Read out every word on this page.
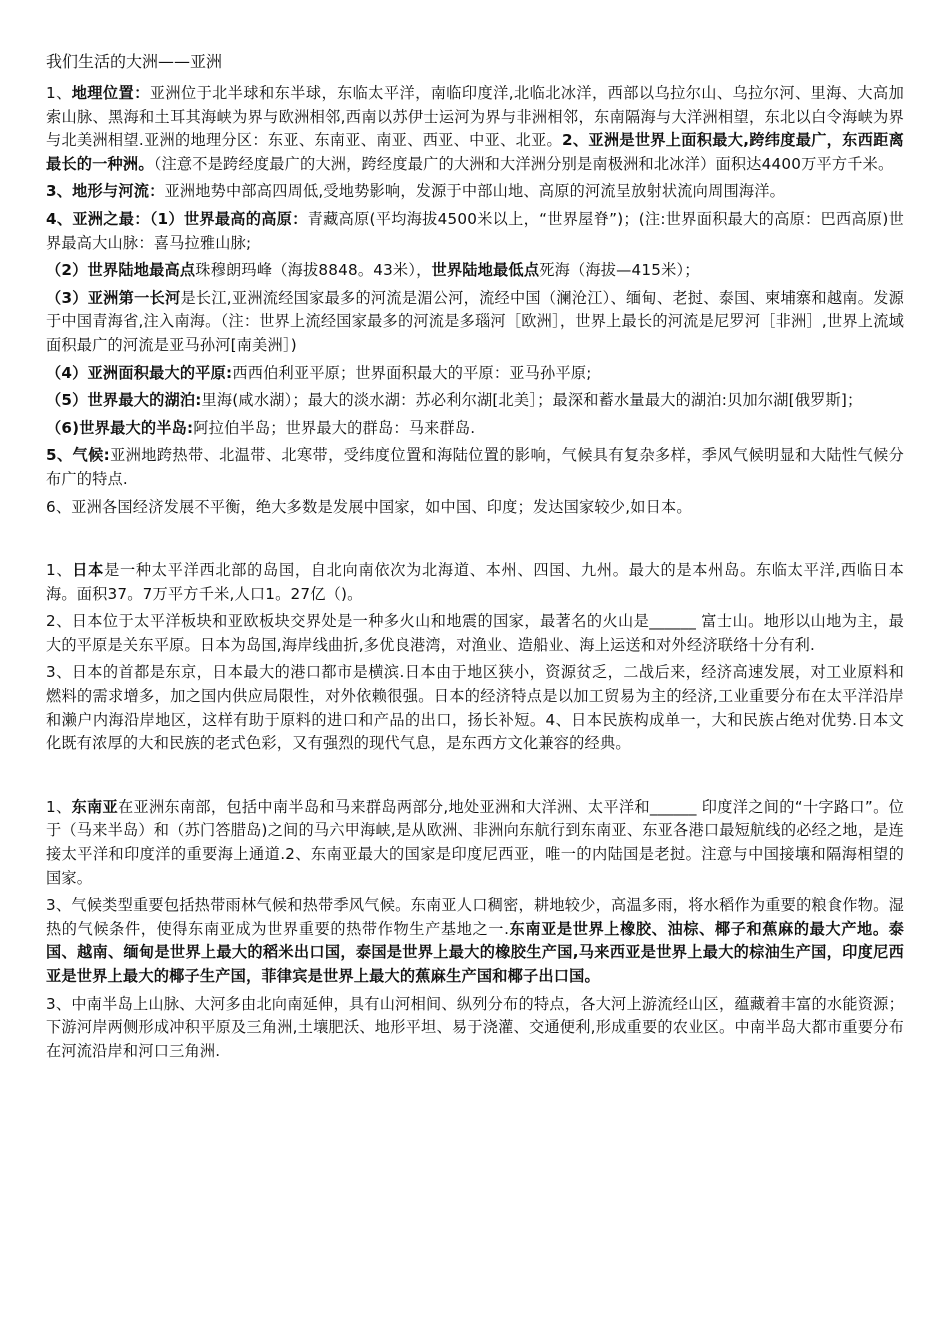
我们生活的大洲——亚洲

1、地理位置：亚洲位于北半球和东半球，东临太平洋，南临印度洋,北临北冰洋，西部以乌拉尔山、乌拉尔河、里海、大高加索山脉、黑海和土耳其海峡为界与欧洲相邻,西南以苏伊士运河为界与非洲相邻，东南隔海与大洋洲相望，东北以白令海峡为界与北美洲相望.亚洲的地理分区：东亚、东南亚、南亚、西亚、中亚、北亚。2、亚洲是世界上面积最大,跨纬度最广，东西距离最长的一种洲。（注意不是跨经度最广的大洲，跨经度最广的大洲和大洋洲分别是南极洲和北冰洋）面积达4400万平方千米。

3、地形与河流：亚洲地势中部高四周低,受地势影响，发源于中部山地、高原的河流呈放射状流向周围海洋。

4、亚洲之最：（1）世界最高的高原：青藏高原(平均海拔4500米以上，“世界屋脊”)；(注:世界面积最大的高原：巴西高原)世界最高大山脉：喜马拉雅山脉;

（2）世界陆地最高点珠穆朗玛峰（海拔8848。43米），世界陆地最低点死海（海拔—415米）；

（3）亚洲第一长河是长江,亚洲流经国家最多的河流是湄公河，流经中国（澜沧江）、缅甸、老挝、泰国、柬埔寨和越南。发源于中国青海省,注入南海。（注：世界上流经国家最多的河流是多瑙河［欧洲］，世界上最长的河流是尼罗河［非洲］,世界上流域面积最广的河流是亚马孙河[南美洲］)

（4）亚洲面积最大的平原:西西伯利亚平原；世界面积最大的平原：亚马孙平原;

（5）世界最大的湖泊:里海(咸水湖）；最大的淡水湖：苏必利尔湖[北美］；最深和蓄水量最大的湖泊:贝加尔湖[俄罗斯]；

（6)世界最大的半岛:阿拉伯半岛；世界最大的群岛：马来群岛.

5、气候:亚洲地跨热带、北温带、北寒带，受纬度位置和海陆位置的影响，气候具有复杂多样，季风气候明显和大陆性气候分布广的特点.

6、亚洲各国经济发展不平衡，绝大多数是发展中国家，如中国、印度；发达国家较少,如日本。

1、日本是一种太平洋西北部的岛国，自北向南依次为北海道、本州、四国、九州。最大的是本州岛。东临太平洋,西临日本海。面积37。7万平方千米,人口1。27亿（)。

2、日本位于太平洋板块和亚欧板块交界处是一种多火山和地震的国家，最著名的火山是______ 富士山。地形以山地为主，最大的平原是关东平原。日本为岛国,海岸线曲折,多优良港湾，对渔业、造船业、海上运送和对外经济联络十分有利.

3、日本的首都是东京，日本最大的港口都市是横滨.日本由于地区狭小，资源贫乏，二战后来，经济高速发展，对工业原料和燃料的需求增多，加之国内供应局限性，对外依赖很强。日本的经济特点是以加工贸易为主的经济,工业重要分布在太平洋沿岸和濑户内海沿岸地区，这样有助于原料的进口和产品的出口，扬长补短。4、日本民族构成单一，大和民族占绝对优势.日本文化既有浓厚的大和民族的老式色彩，又有强烈的现代气息，是东西方文化兼容的经典。

1、东南亚在亚洲东南部，包括中南半岛和马来群岛两部分,地处亚洲和大洋洲、太平洋和______ 印度洋之间的“十字路口”。位于（马来半岛）和（苏门答腊岛)之间的马六甲海峡,是从欧洲、非洲向东航行到东南亚、东亚各港口最短航线的必经之地，是连接太平洋和印度洋的重要海上通道.2、东南亚最大的国家是印度尼西亚，唯一的内陆国是老挝。注意与中国接壤和隔海相望的国家。

3、气候类型重要包括热带雨林气候和热带季风气候。东南亚人口稠密，耕地较少，高温多雨，将水稻作为重要的粮食作物。湿热的气候条件，使得东南亚成为世界重要的热带作物生产基地之一.东南亚是世界上橡胶、油棕、椰子和蕉麻的最大产地。泰国、越南、缅甸是世界上最大的稻米出口国，泰国是世界上最大的橡胶生产国,马来西亚是世界上最大的棕油生产国，印度尼西亚是世界上最大的椰子生产国，菲律宾是世界上最大的蕉麻生产国和椰子出口国。

3、中南半岛上山脉、大河多由北向南延伸，具有山河相间、纵列分布的特点，各大河上游流经山区，蕴藏着丰富的水能资源；下游河岸两侧形成冲积平原及三角洲,土壤肥沃、地形平坦、易于浇灌、交通便利,形成重要的农业区。中南半岛大都市重要分布在河流沿岸和河口三角洲.
